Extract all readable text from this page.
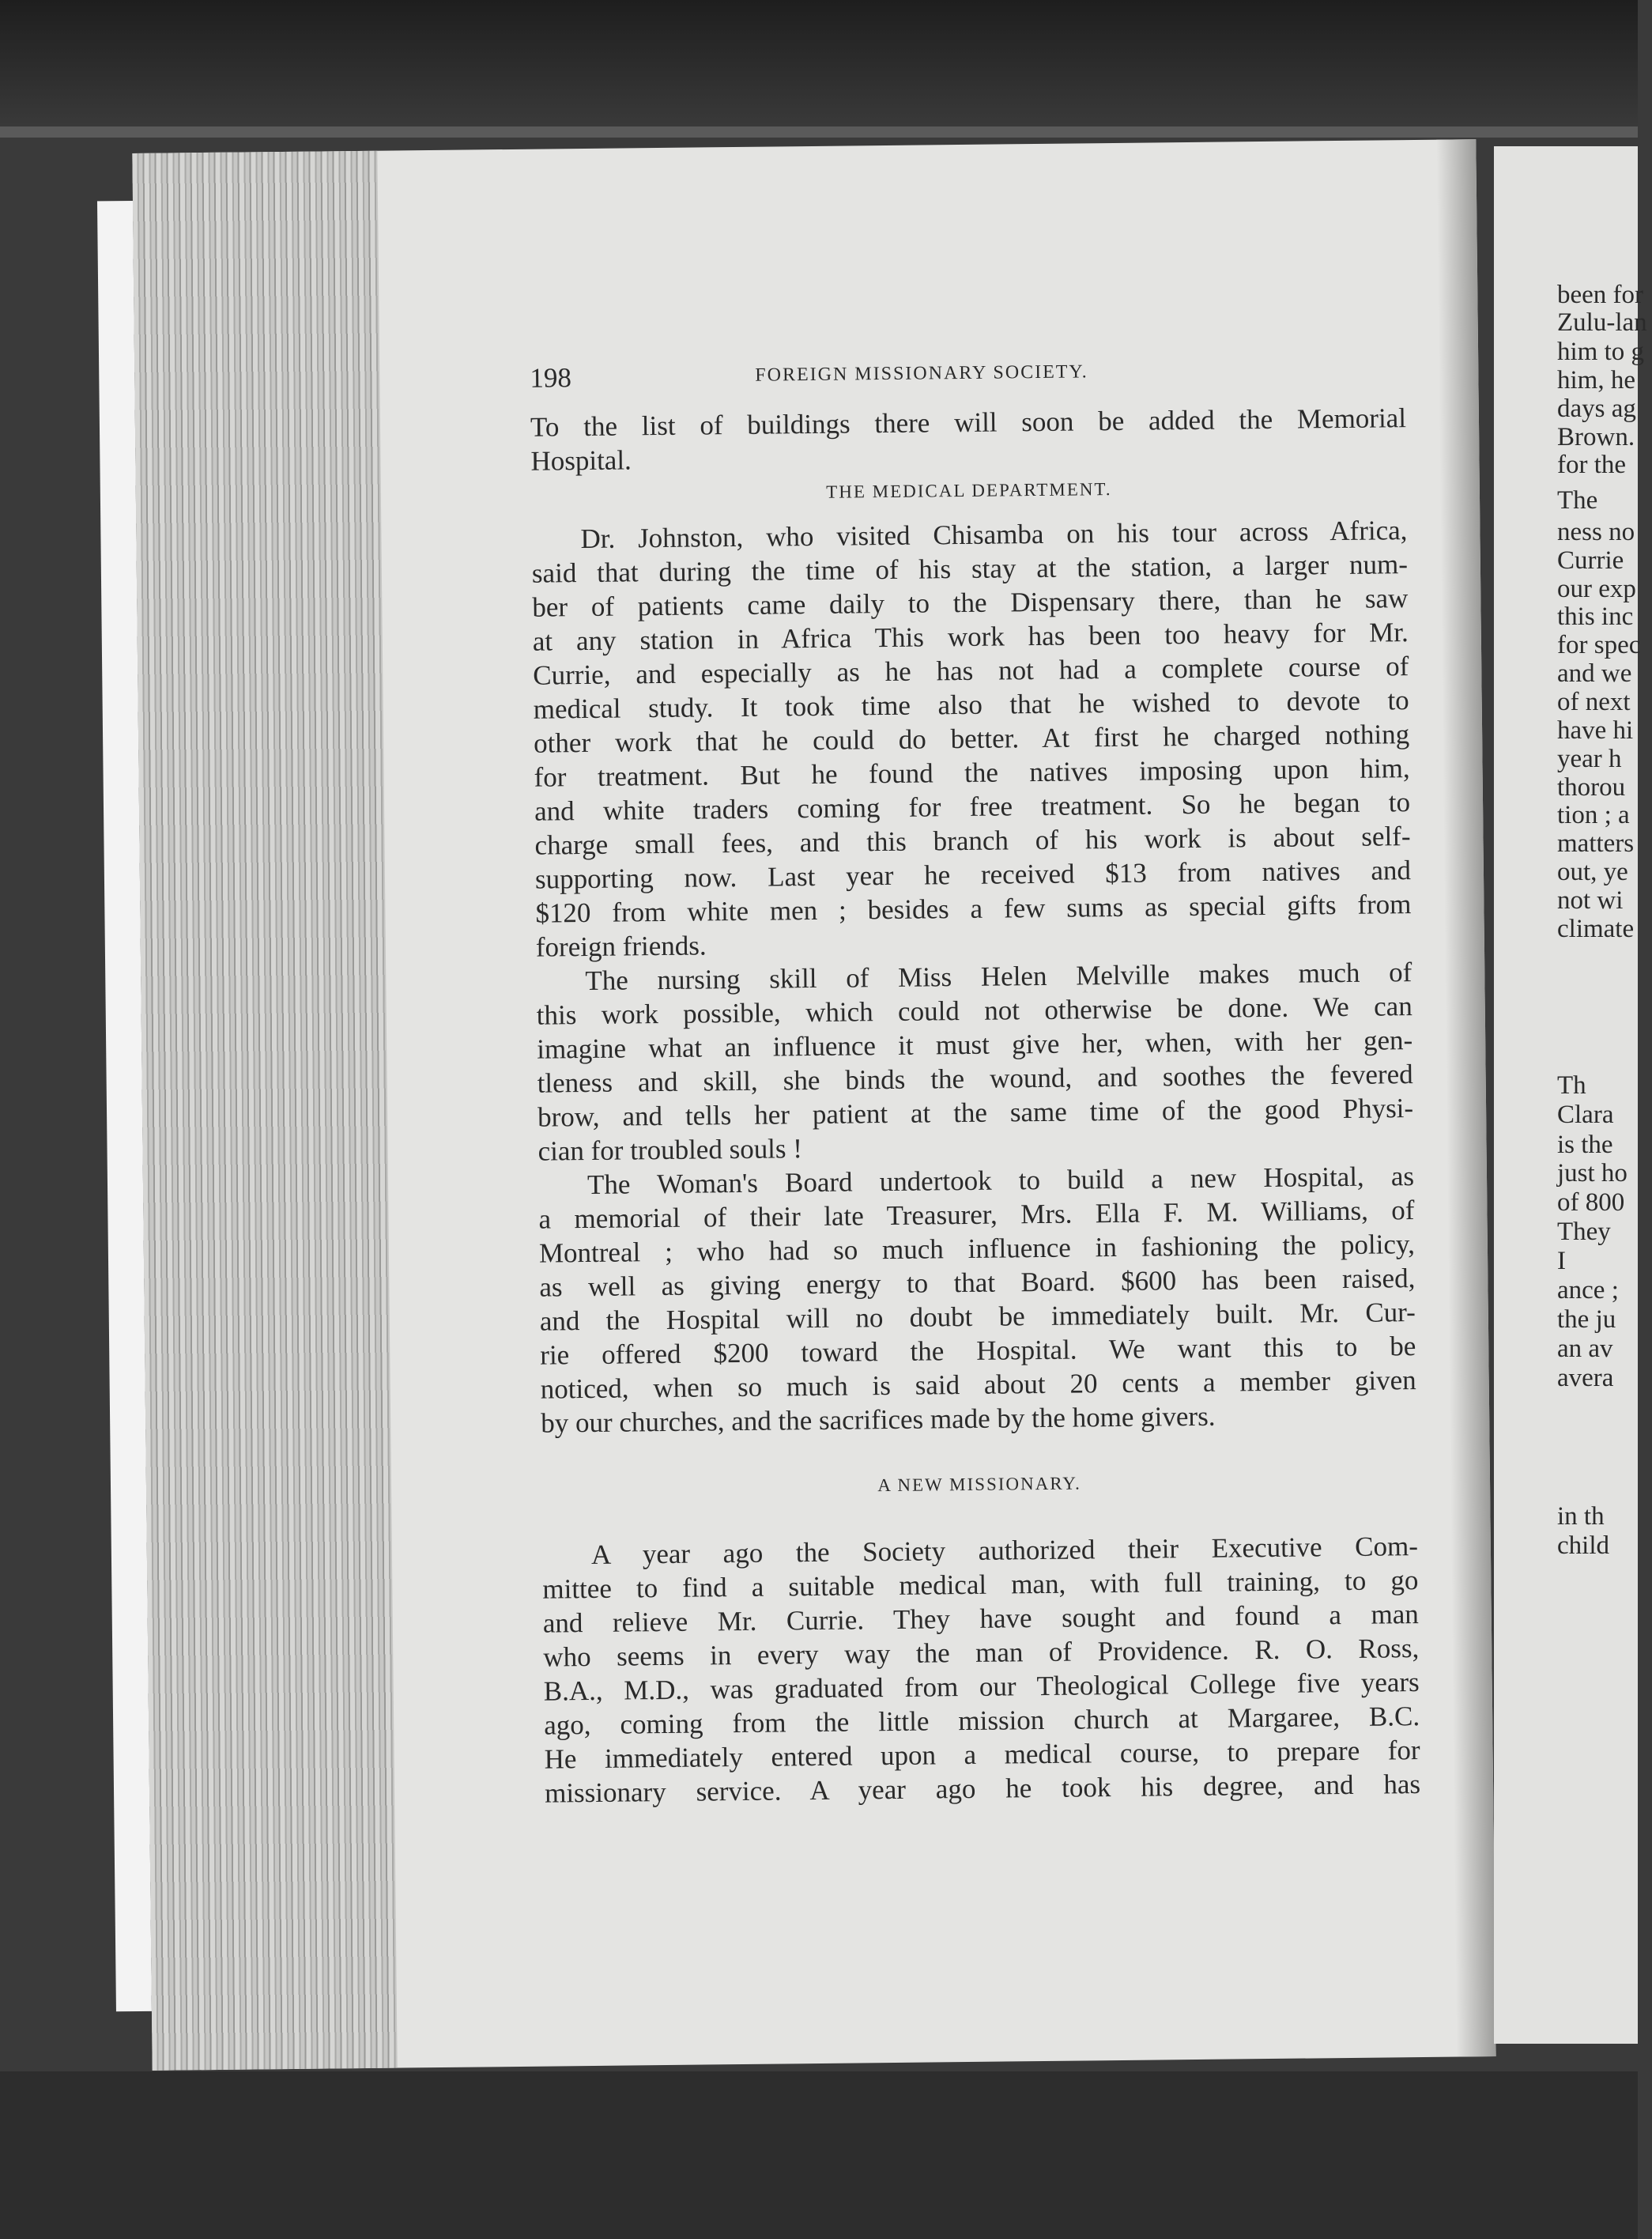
198	FOREIGN MISSIONARY SOCIETY.
To the list of buildings there will soon be added the Memorial
Hospital.
THE MEDICAL DEPARTMENT.
Dr. Johnston, who visited Chisamba on his tour across Africa,
said that during the time of his stay at the station, a larger num-
ber of patients came daily to the Dispensary there, than he saw
at any station in Africa This work has been too heavy for Mr.
Currie, and especially as he has not had a complete course of
medical study. It took time also that he wished to devote to
other work that he could do better. At first he charged nothing
for treatment. But he found the natives imposing upon him,
and white traders coming for free treatment. So he began to
charge small fees, and this branch of his work is about self-
supporting now. Last year he received $13 from natives and
$120 from white men ; besides a few sums as special gifts from
foreign friends.
The nursing skill of Miss Helen Melville makes much of
this work possible, which could not otherwise be done. We can
imagine what an influence it must give her, when, with her gen-
tleness and skill, she binds the wound, and soothes the fevered
brow, and tells her patient at the same time of the good Physi-
cian for troubled souls !
The Woman's Board undertook to build a new Hospital, as
a memorial of their late Treasurer, Mrs. Ella F. M. Williams, of
Montreal ; who had so much influence in fashioning the policy,
as well as giving energy to that Board. $600 has been raised,
and the Hospital will no doubt be immediately built. Mr. Cur-
rie offered $200 toward the Hospital. We want this to be
noticed, when so much is said about 20 cents a member given
by our churches, and the sacrifices made by the home givers.
A NEW MISSIONARY.
A year ago the Society authorized their Executive Com-
mittee to find a suitable medical man, with full training, to go
and relieve Mr. Currie. They have sought and found a man
who seems in every way the man of Providence. R. O. Ross,
B.A., M.D., was graduated from our Theological College five years
ago, coming from the little mission church at Margaree, B.C.
He immediately entered upon a medical course, to prepare for
missionary service. A year ago he took his degree, and has
been for
Zulu-lan
him to g
him, he
days ag
Brown.
for the
The
ness no
Currie
our exp
this inc
for spec
and we
of next
have hi
year h
thorou
tion ; a
matters
out, ye
not wi
climate
Th
Clara
is the
just ho
of 800
They
I
ance ;
the ju
an av
avera
in th
child
